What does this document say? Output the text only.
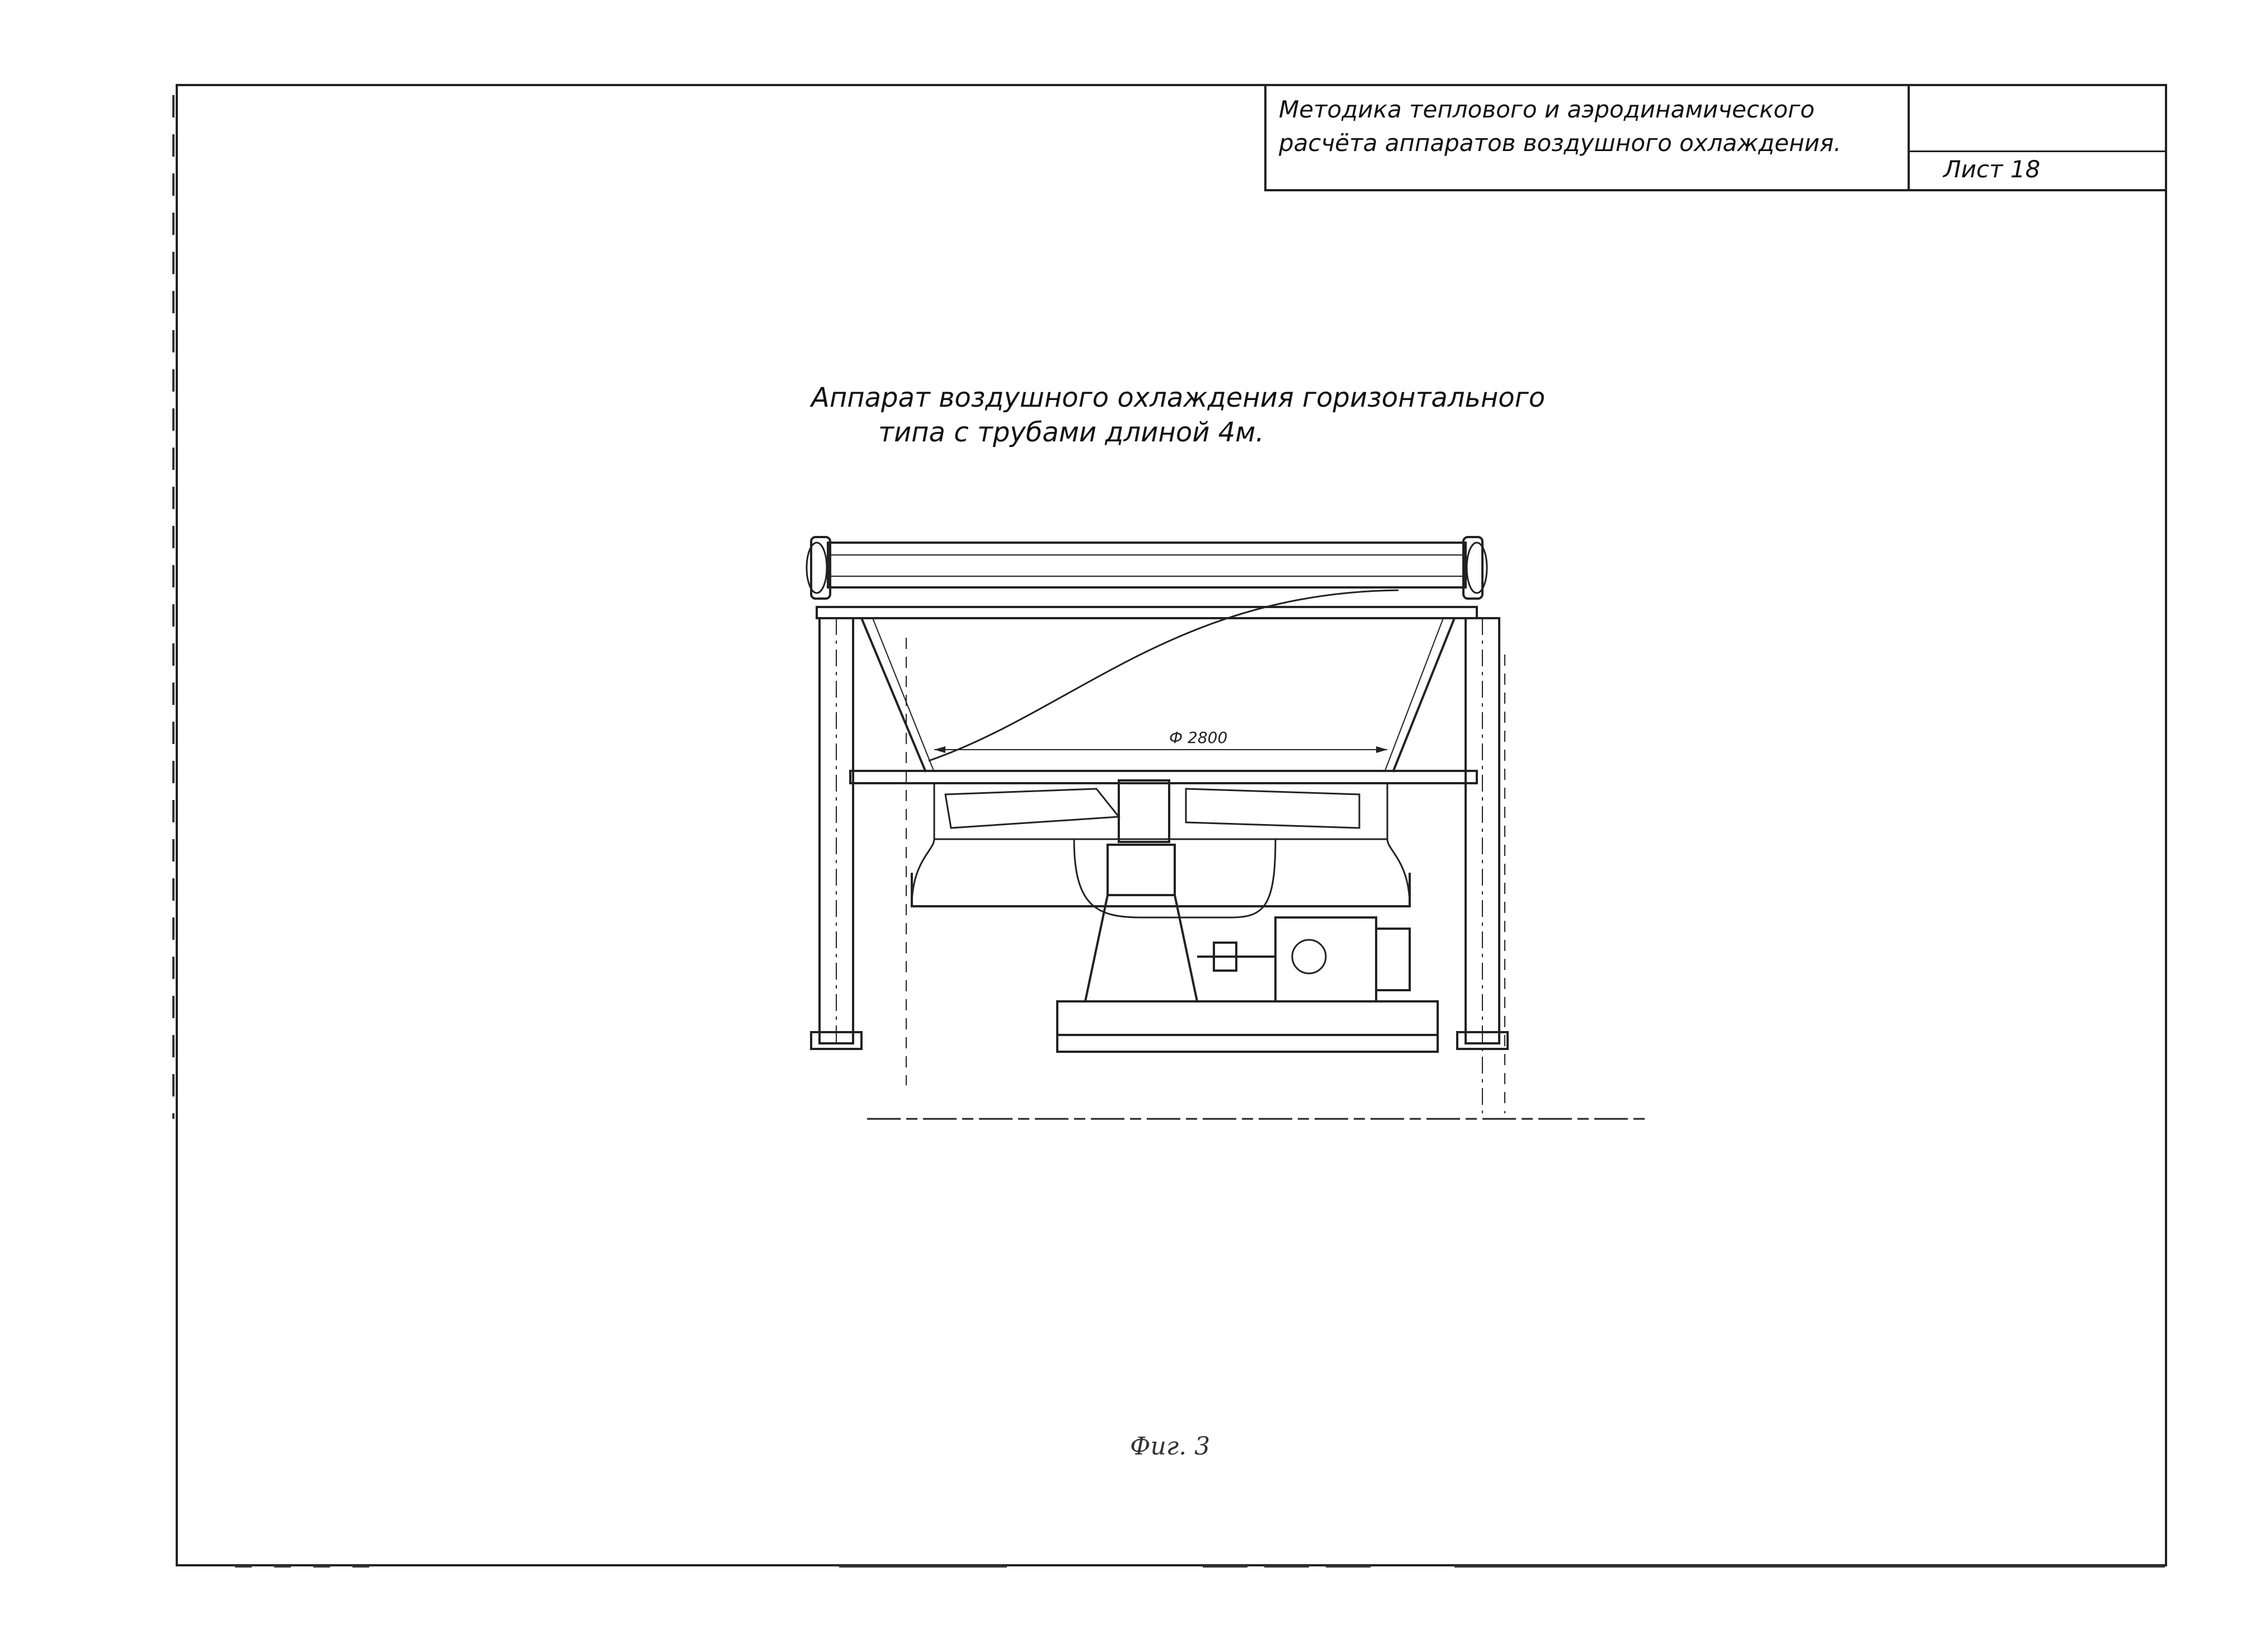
Методика теплового и аэродинамического
расчёта аппаратов воздушного охлаждения.
Лист 18
Аппарат воздушного охлаждения горизонтального
типа с трубами длиной 4м.
Ф 2800
Фиг. 3
